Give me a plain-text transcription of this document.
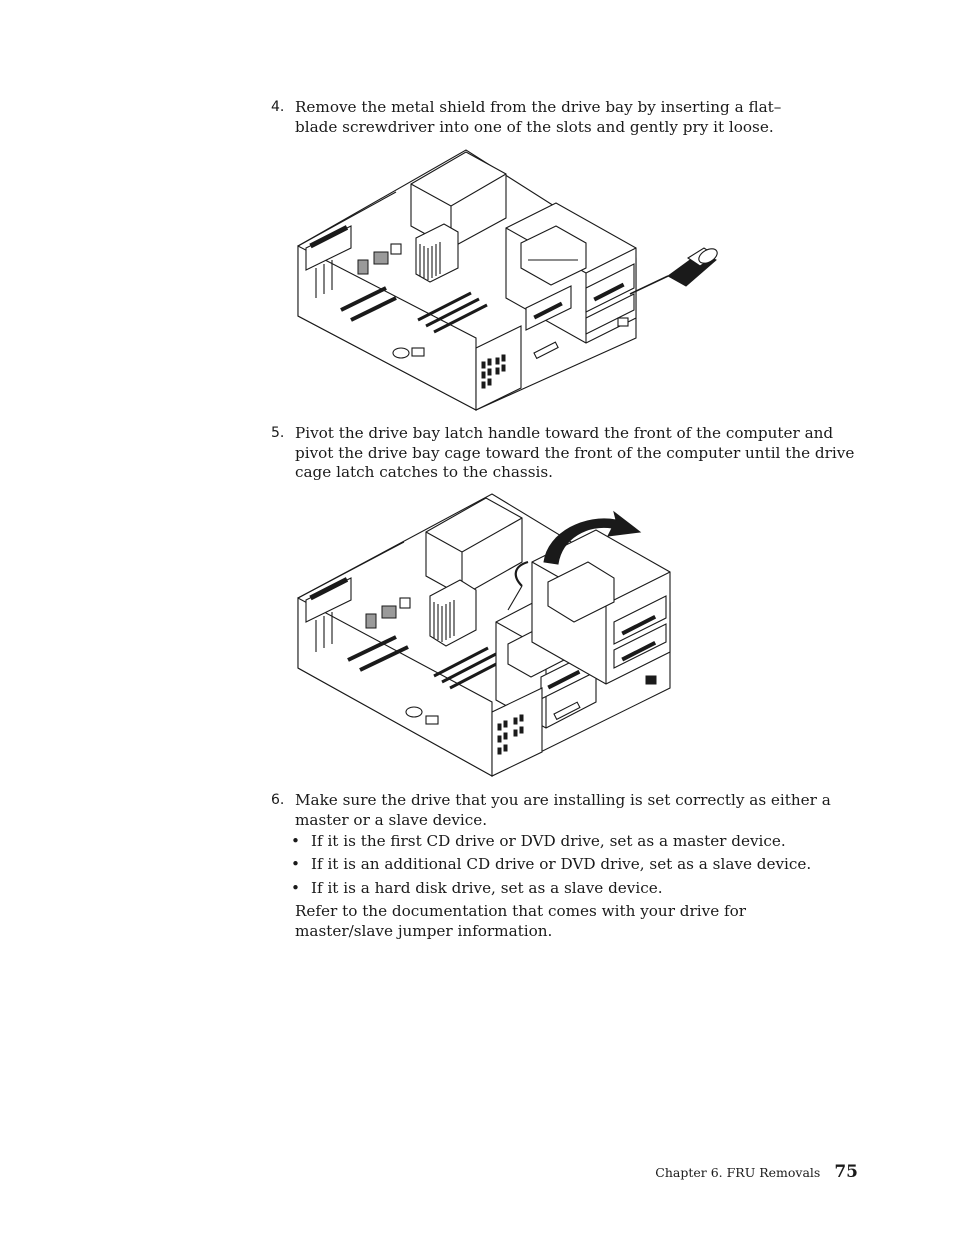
4. Remove the metal shield from the drive bay by inserting a flat–blade screwdriver into one of the slots and gently pry it loose.
5. Pivot the drive bay latch handle toward the front of the computer and pivot the drive bay cage toward the front of the computer until the drive cage latch catches to the chassis.
6. Make sure the drive that you are installing is set correctly as either a master or a slave device.
• If it is the first CD drive or DVD drive, set as a master device.
• If it is an additional CD drive or DVD drive, set as a slave device.
• If it is a hard disk drive, set as a slave device.
Refer to the documentation that comes with your drive for master/slave jumper information.
Chapter 6. FRU Removals 75
